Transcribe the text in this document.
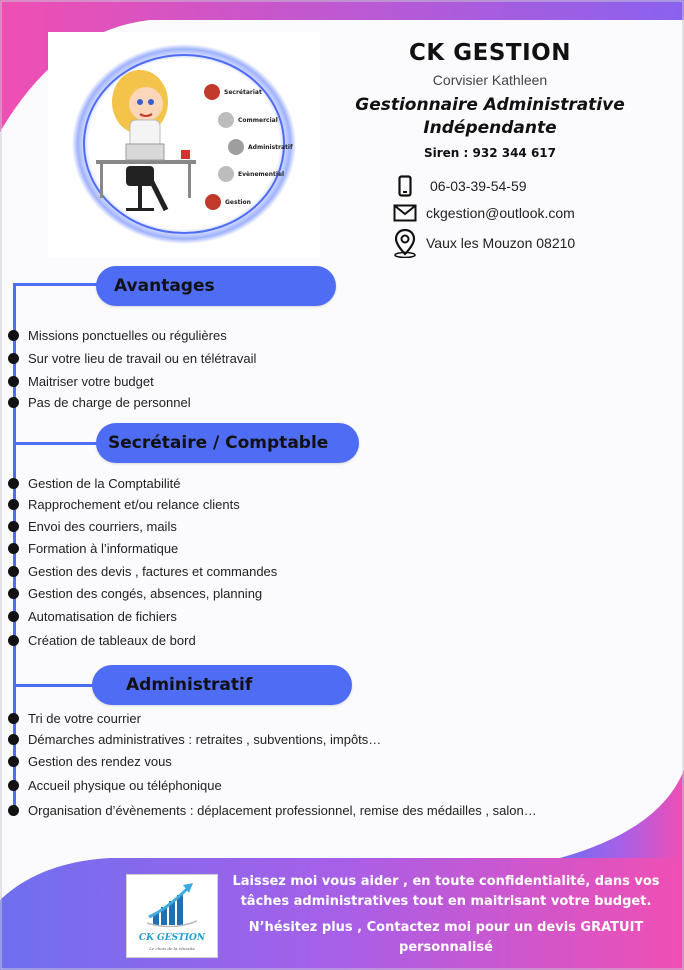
Secrétariat
Commercial
Administratif
Evènementiel
Gestion
CK GESTION
Corvisier Kathleen
Gestionnaire Administrative
Indépendante
Siren : 932 344 617
06-03-39-54-59
ckgestion@outlook.com
Vaux les Mouzon 08210
Avantages
Missions ponctuelles ou régulières
Sur votre lieu de travail ou en télétravail
Maitriser votre budget
Pas de charge de personnel
Secrétaire / Comptable
Gestion de la Comptabilité
Rapprochement et/ou relance clients
Envoi des courriers, mails
Formation à l’informatique
Gestion des devis , factures et commandes
Gestion des congés, absences, planning
Automatisation de fichiers
Création de tableaux de bord
Administratif
Tri de votre courrier
Démarches administratives : retraites , subventions, impôts…
Gestion des rendez vous
Accueil physique ou téléphonique
Organisation d’évènements : déplacement professionnel, remise des médailles , salon…
CK GESTION
Le choix de la réussite

Laissez moi vous aider , en toute confidentialité, dans vos tâches administratives tout en maitrisant votre budget.

N’hésitez plus , Contactez moi pour un devis GRATUIT personnalisé
